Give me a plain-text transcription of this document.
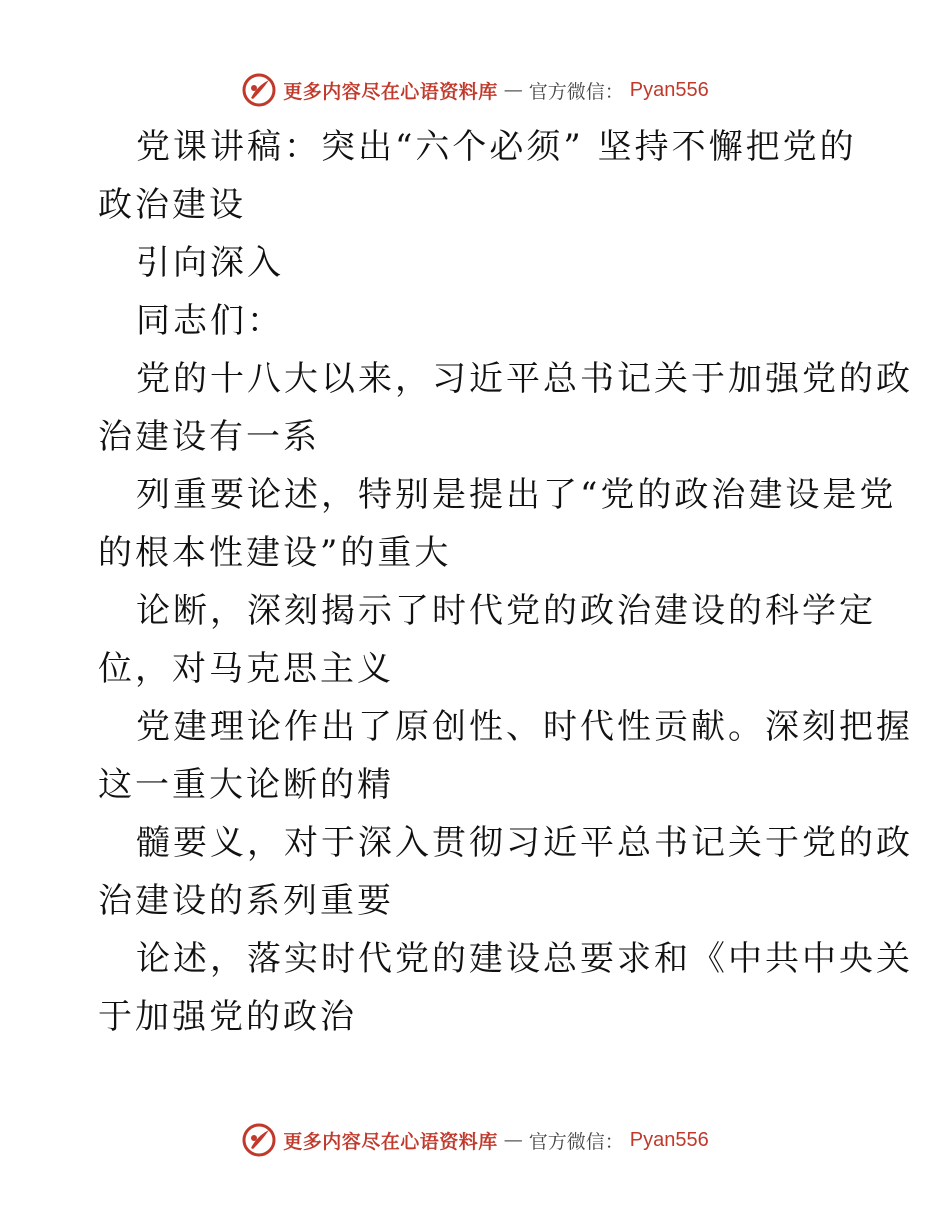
更多内容尽在心语资料库 — 官方微信： Pyan556
党课讲稿：突出“六个必须” 坚持不懈把党的
政治建设
引向深入
同志们：
党的十八大以来，习近平总书记关于加强党的政
治建设有一系
列重要论述，特别是提出了“党的政治建设是党
的根本性建设”的重大
论断，深刻揭示了时代党的政治建设的科学定
位，对马克思主义
党建理论作出了原创性、时代性贡献。深刻把握
这一重大论断的精
髓要义，对于深入贯彻习近平总书记关于党的政
治建设的系列重要
论述，落实时代党的建设总要求和《中共中央关
于加强党的政治
更多内容尽在心语资料库 — 官方微信： Pyan556
